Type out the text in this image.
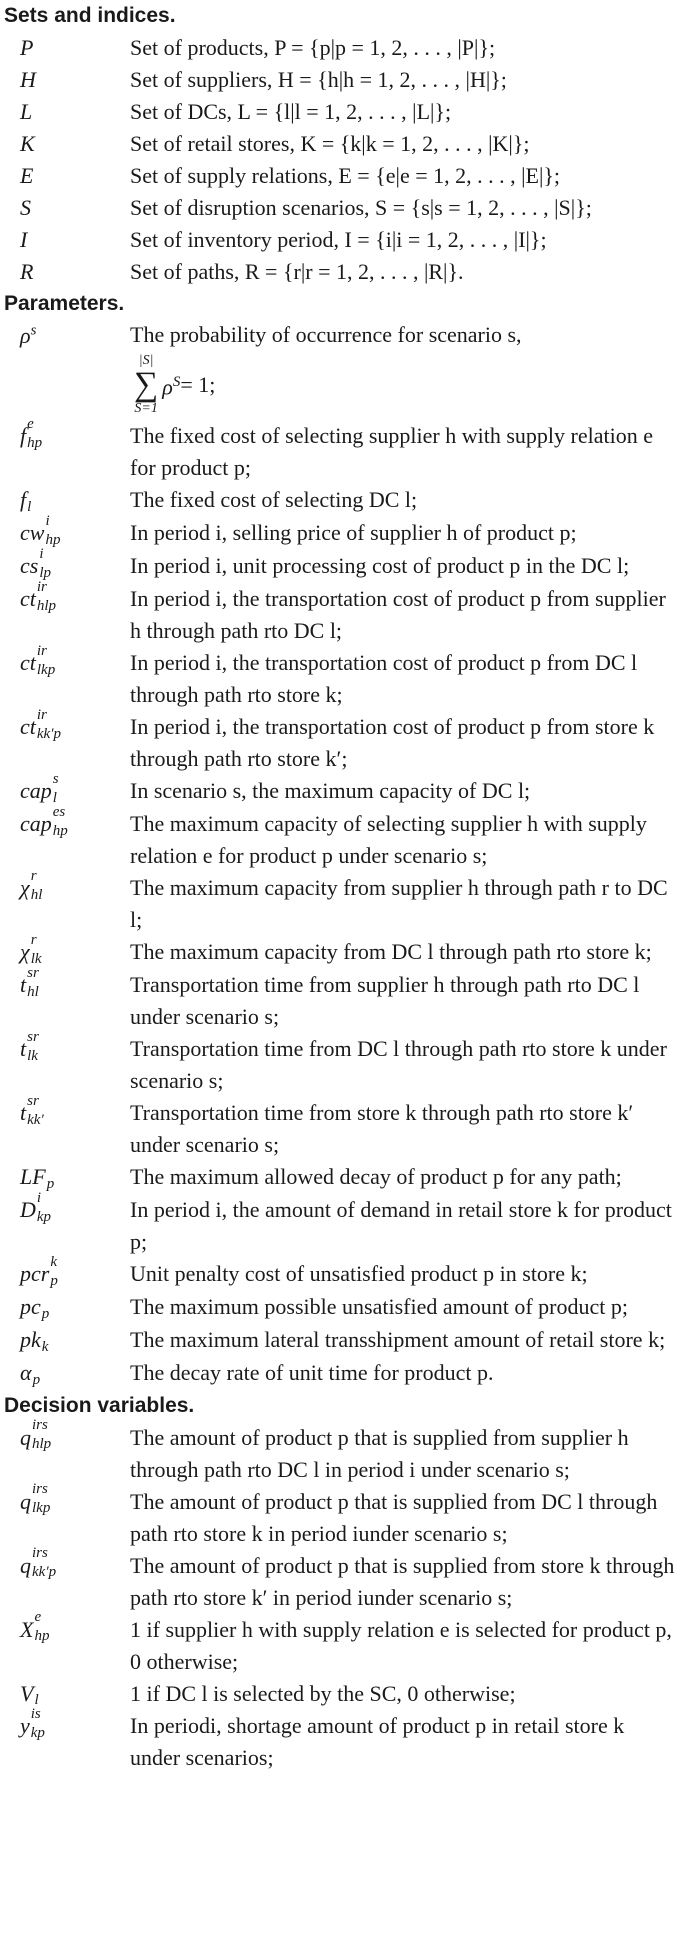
Sets and indices.
P	Set of products, P = {p|p = 1, 2, . . . , |P|};
H	Set of suppliers, H = {h|h = 1, 2, . . . , |H|};
L	Set of DCs, L = {l|l = 1, 2, . . . , |L|};
K	Set of retail stores, K = {k|k = 1, 2, . . . , |K|};
E	Set of supply relations, E = {e|e = 1, 2, . . . , |E|};
S	Set of disruption scenarios, S = {s|s = 1, 2, . . . , |S|};
I	Set of inventory period, I = {i|i = 1, 2, . . . , |I|};
R	Set of paths, R = {r|r = 1, 2, . . . , |R|}.
Parameters.
$\rho^s$	The probability of occurrence for scenario s,
|S|
∑
S=1
$\rho^S = 1$;
f e
hp	The fixed cost of selecting supplier h with supply relation e for product p;
f l	The fixed cost of selecting DC l;
cw i
hp	In period i, selling price of supplier h of product p;
cs i
lp	In period i, unit processing cost of product p in the DC l;
ct ir
hlp	In period i, the transportation cost of product p from supplier h through path rto DC l;
ct ir
lkp	In period i, the transportation cost of product p from DC l through path rto store k;
ct ir
kk′p	In period i, the transportation cost of product p from store k through path rto store k′;
cap s
l	In scenario s, the maximum capacity of DC l;
cap es
hp	The maximum capacity of selecting supplier h with supply relation e for product p under scenario s;
χ r
hl	The maximum capacity from supplier h through path r to DC l;
χ r
lk	The maximum capacity from DC l through path rto store k;
t sr
hl	Transportation time from supplier h through path rto DC l under scenario s;
t sr
lk	Transportation time from DC l through path rto store k under scenario s;
t sr
kk′	Transportation time from store k through path rto store k′ under scenario s;
LF p	The maximum allowed decay of product p for any path;
D i
kp	In period i, the amount of demand in retail store k for product p;
pcr k
p	Unit penalty cost of unsatisfied product p in store k;
pc p	The maximum possible unsatisfied amount of product p;
pk k	The maximum lateral transshipment amount of retail store k;
α p	The decay rate of unit time for product p.
Decision variables.
q irs
hlp	The amount of product p that is supplied from supplier h through path rto DC l in period i under scenario s;
q irs
lkp	The amount of product p that is supplied from DC l through path rto store k in period iunder scenario s;
q irs
kk′p	The amount of product p that is supplied from store k through path rto store k′ in period iunder scenario s;
X e
hp	1 if supplier h with supply relation e is selected for product p, 0 otherwise;
V l	1 if DC l is selected by the SC, 0 otherwise;
y is
kp	In periodi, shortage amount of product p in retail store k under scenarios;
